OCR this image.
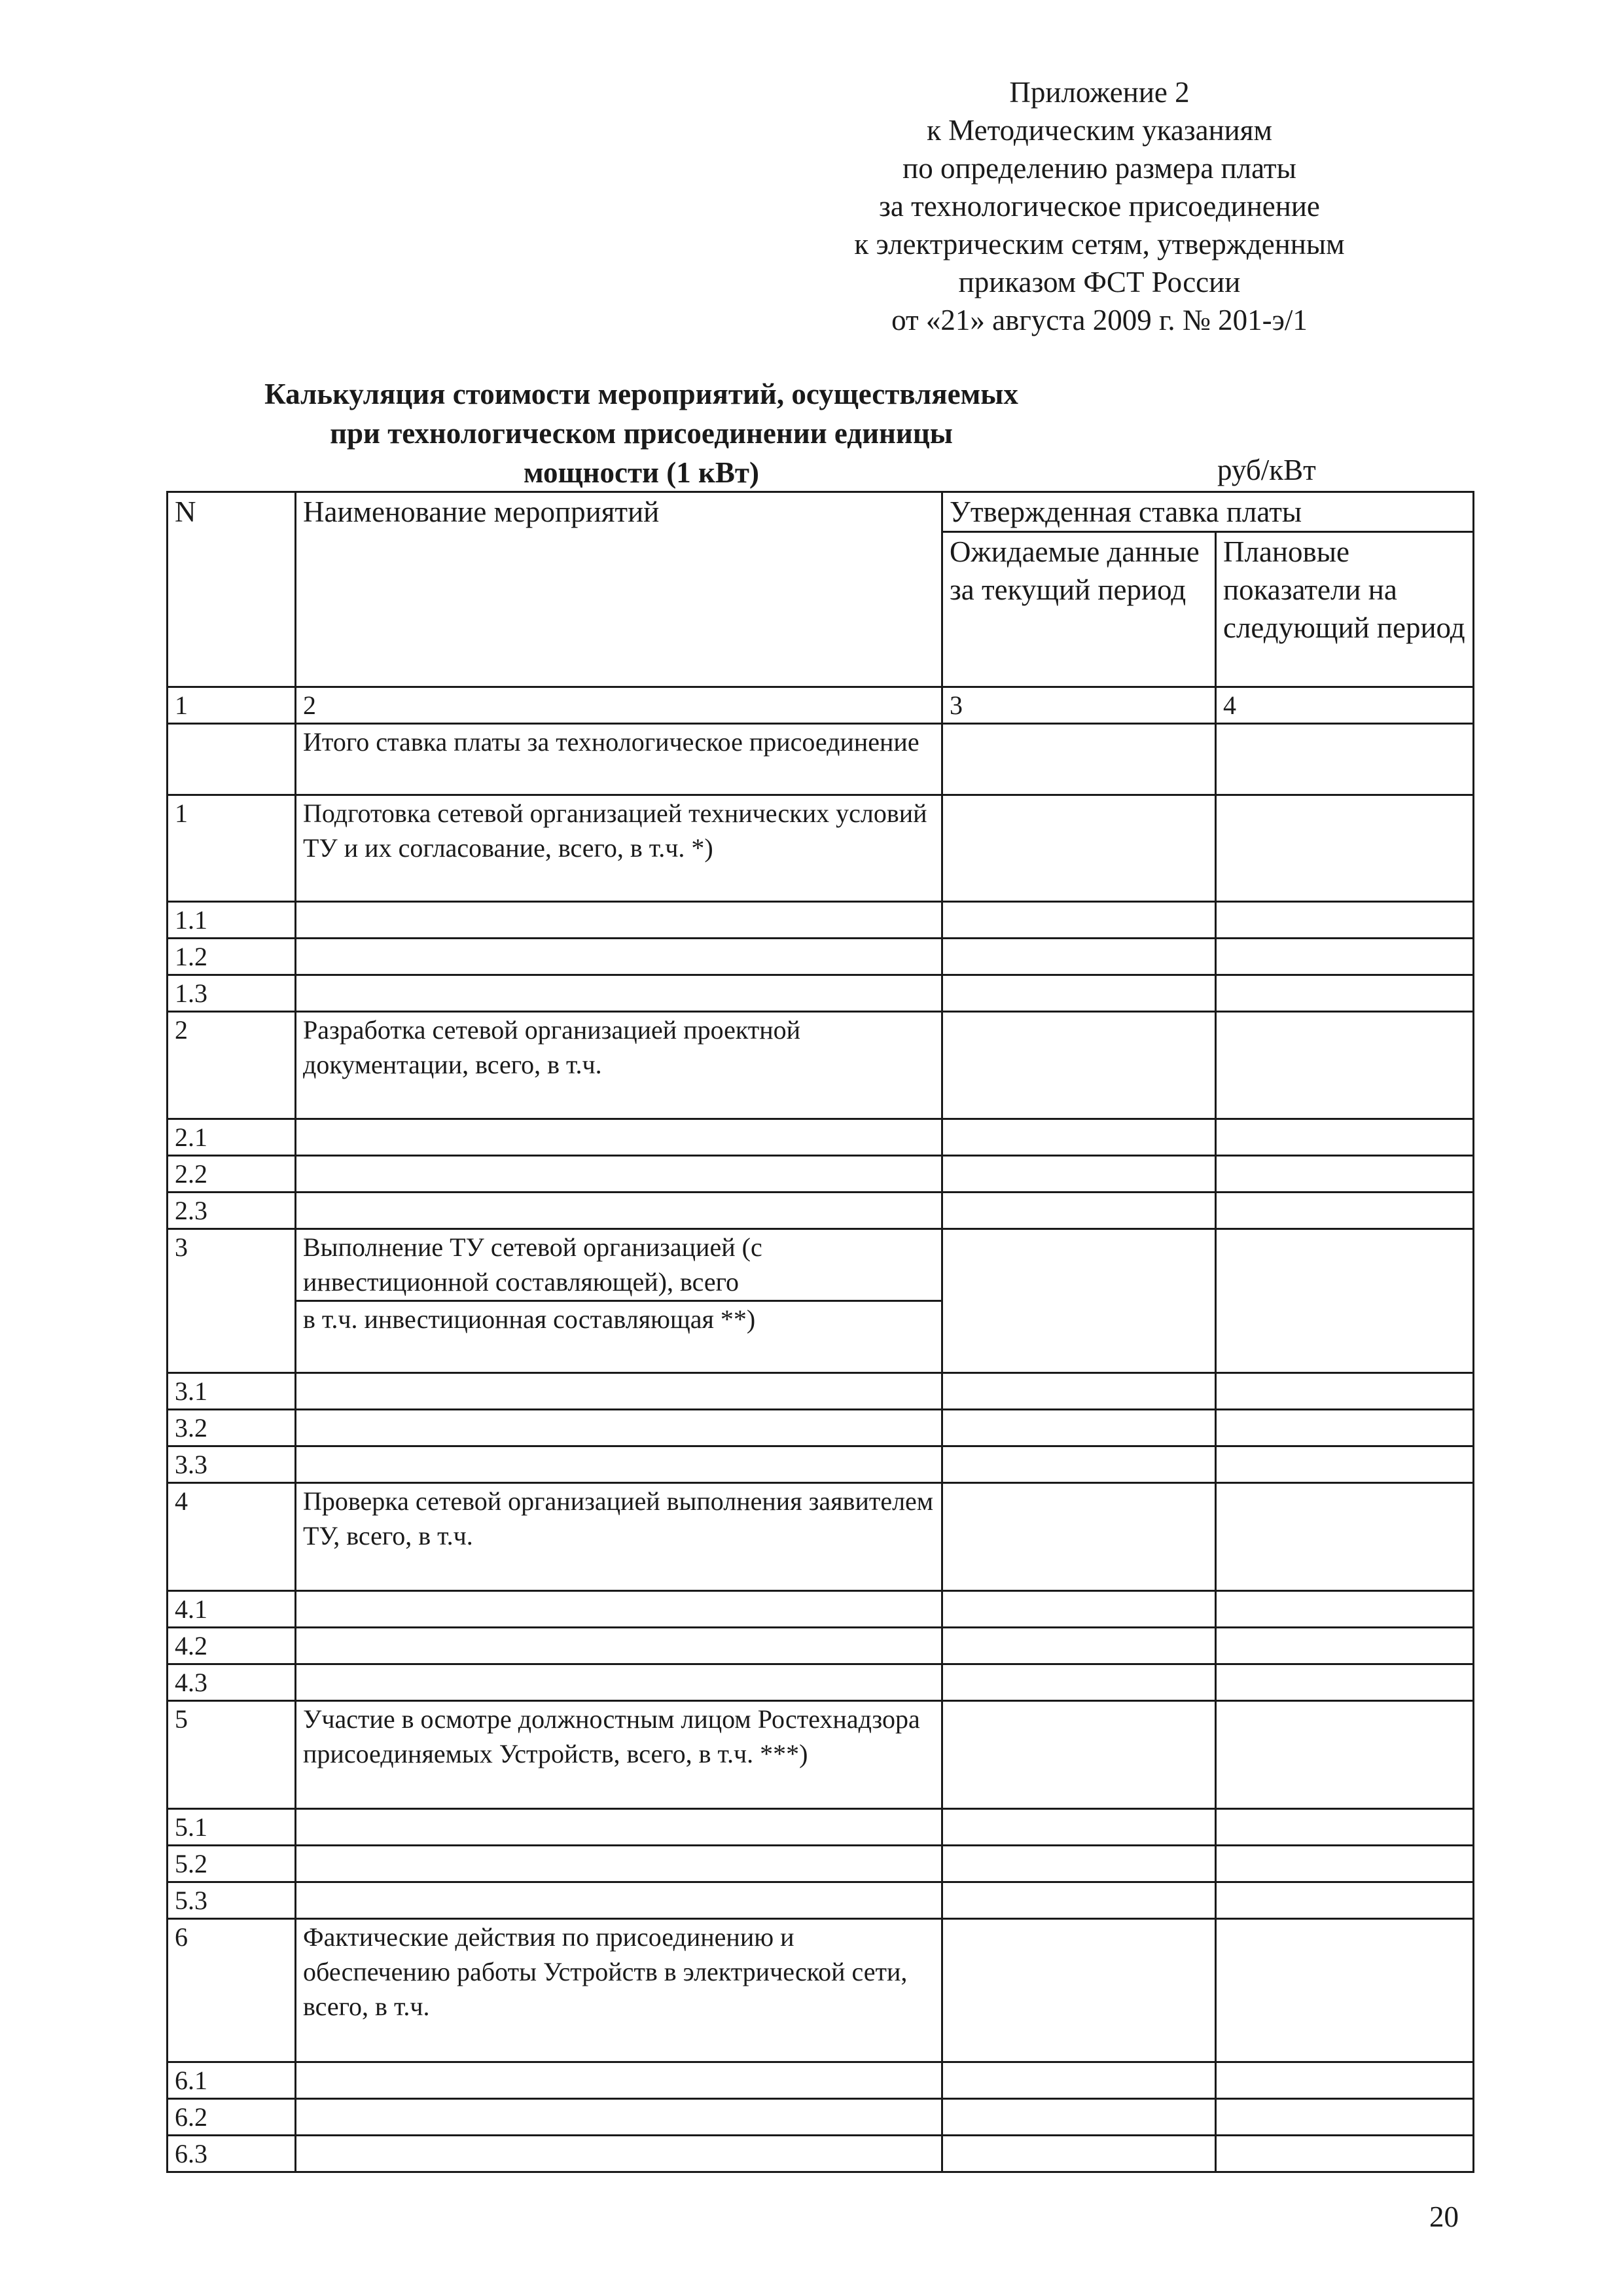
Приложение 2
к Методическим указаниям
по определению размера платы
за технологическое присоединение
к электрическим сетям, утвержденным
приказом ФСТ России
от «21» августа 2009 г. № 201-э/1
Калькуляция стоимости мероприятий, осуществляемых
при технологическом присоединении единицы мощности (1 кВт)	руб/кВт
N	Наименование мероприятий	Утвержденная ставка платы	
		Ожидаемые данные за текущий период	Плановые показатели на следующий период
1	2	3	4
	Итого ставка платы за технологическое присоединение		
1	Подготовка сетевой организацией технических условий ТУ и их согласование, всего, в т.ч. *)		
1.1			
1.2			
1.3			
2	Разработка сетевой организацией проектной документации, всего, в т.ч.		
2.1			
2.2			
2.3			
3	Выполнение ТУ сетевой организацией (с инвестиционной составляющей), всего		
	в т.ч. инвестиционная составляющая **)		
3.1			
3.2			
3.3			
4	Проверка сетевой организацией выполнения заявителем ТУ, всего, в т.ч.		
4.1			
4.2			
4.3			
5	Участие в осмотре должностным лицом Ростехнадзора присоединяемых Устройств, всего, в т.ч. ***)		
5.1			
5.2			
5.3			
6	Фактические действия по присоединению и обеспечению работы Устройств в электрической сети, всего, в т.ч.		
6.1			
6.2			
6.3			
20
